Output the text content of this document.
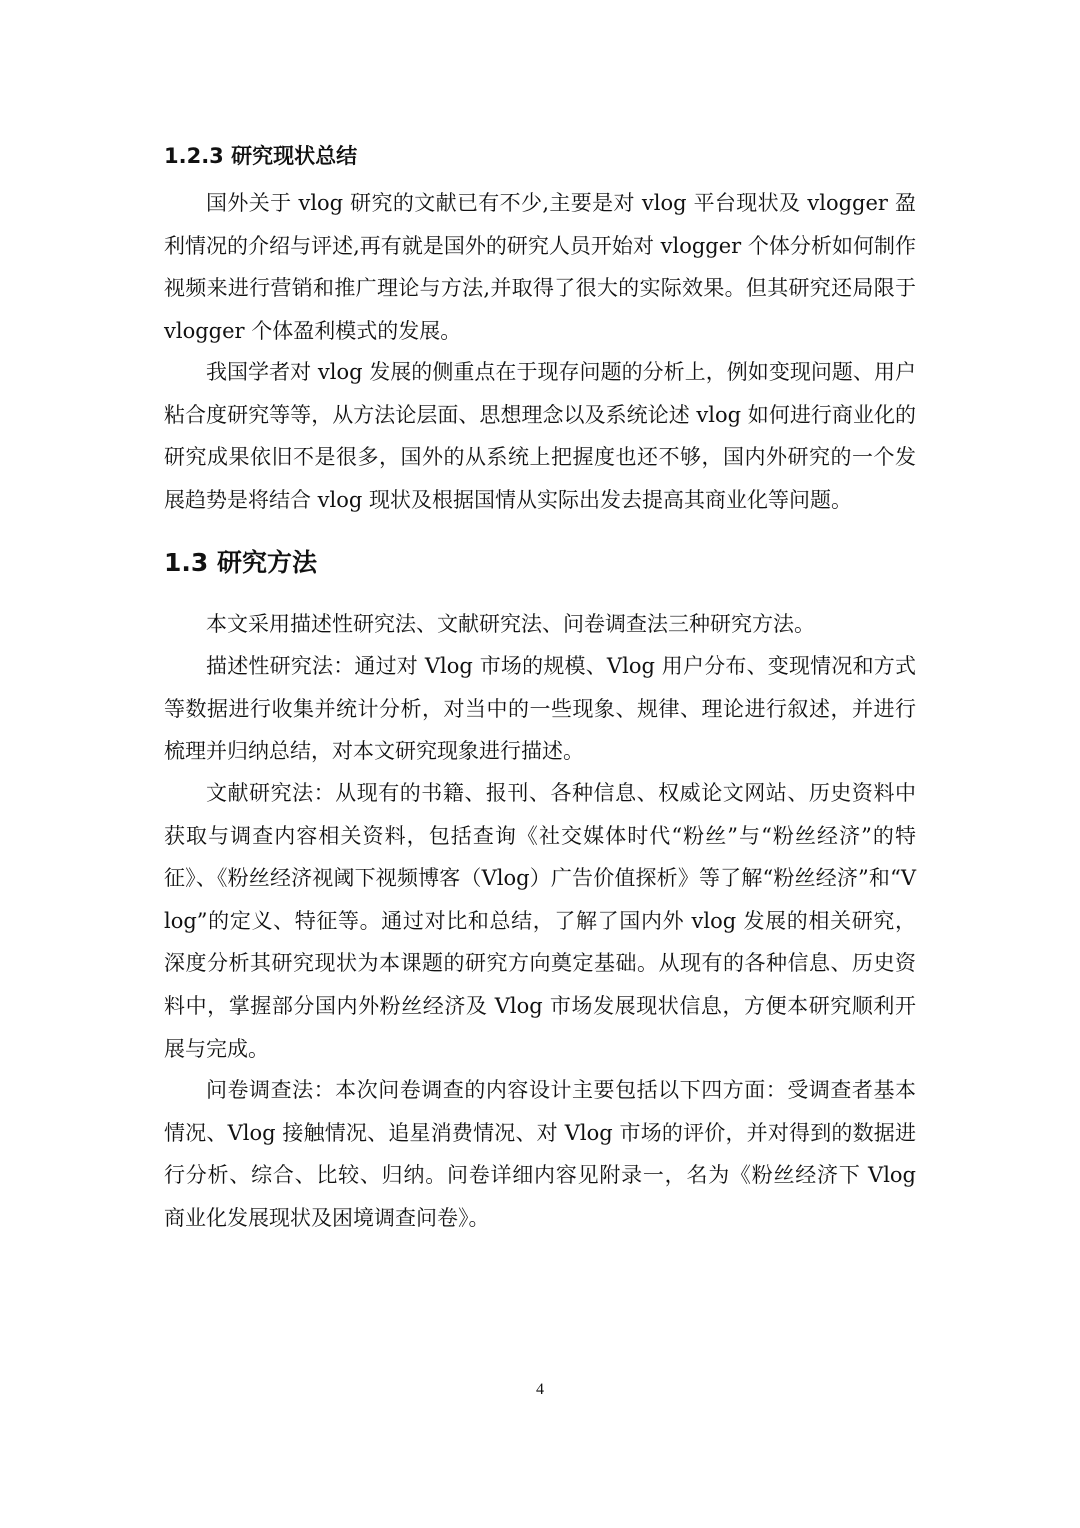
1.2.3 研究现状总结

国外关于 vlog 研究的文献已有不少,主要是对 vlog 平台现状及 vlogger 盈利情况的介绍与评述,再有就是国外的研究人员开始对 vlogger 个体分析如何制作视频来进行营销和推广理论与方法,并取得了很大的实际效果。但其研究还局限于 vlogger 个体盈利模式的发展。

我国学者对 vlog 发展的侧重点在于现存问题的分析上，例如变现问题、用户粘合度研究等等，从方法论层面、思想理念以及系统论述 vlog 如何进行商业化的研究成果依旧不是很多，国外的从系统上把握度也还不够，国内外研究的一个发展趋势是将结合 vlog 现状及根据国情从实际出发去提高其商业化等问题。

1.3 研究方法

本文采用描述性研究法、文献研究法、问卷调查法三种研究方法。

描述性研究法：通过对 Vlog 市场的规模、Vlog 用户分布、变现情况和方式等数据进行收集并统计分析，对当中的一些现象、规律、理论进行叙述，并进行梳理并归纳总结，对本文研究现象进行描述。

文献研究法：从现有的书籍、报刊、各种信息、权威论文网站、历史资料中获取与调查内容相关资料，包括查询《社交媒体时代“粉丝”与“粉丝经济”的特征》、《粉丝经济视阈下视频博客（Vlog）广告价值探析》等了解“粉丝经济”和“Vlog”的定义、特征等。通过对比和总结，了解了国内外 vlog 发展的相关研究，深度分析其研究现状为本课题的研究方向奠定基础。从现有的各种信息、历史资料中，掌握部分国内外粉丝经济及 Vlog 市场发展现状信息，方便本研究顺利开展与完成。

问卷调查法：本次问卷调查的内容设计主要包括以下四方面：受调查者基本情况、Vlog 接触情况、追星消费情况、对 Vlog 市场的评价，并对得到的数据进行分析、综合、比较、归纳。问卷详细内容见附录一，名为《粉丝经济下 Vlog 商业化发展现状及困境调查问卷》。

4
